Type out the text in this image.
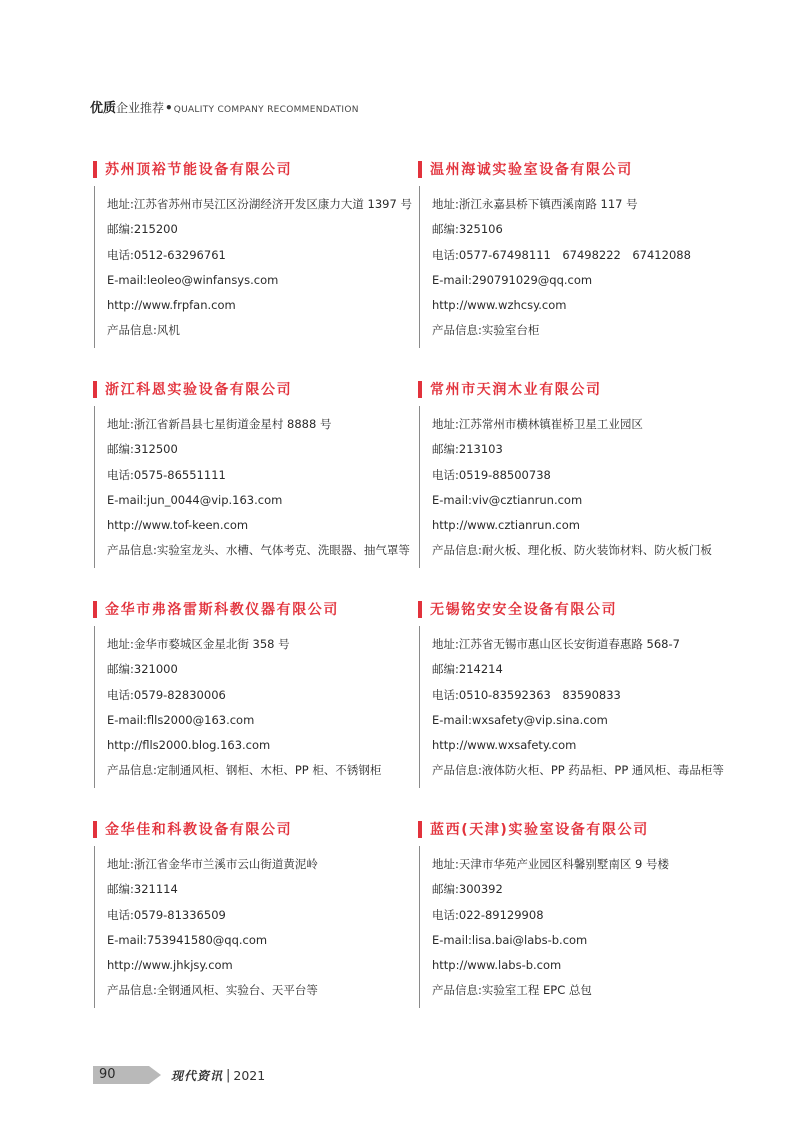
优质企业推荐•QUALITY COMPANY RECOMMENDATION
苏州顶裕节能设备有限公司
地址:江苏省苏州市吴江区汾湖经济开发区康力大道 1397 号
邮编:215200
电话:0512-63296761
E-mail:leoleo@winfansys.com
http://www.frpfan.com
产品信息:风机
温州海诚实验室设备有限公司
地址:浙江永嘉县桥下镇西溪南路 117 号
邮编:325106
电话:0577-67498111　67498222　67412088
E-mail:290791029@qq.com
http://www.wzhcsy.com
产品信息:实验室台柜
浙江科恩实验设备有限公司
地址:浙江省新昌县七星街道金星村 8888 号
邮编:312500
电话:0575-86551111
E-mail:jun_0044@vip.163.com
http://www.tof-keen.com
产品信息:实验室龙头、水槽、气体考克、洗眼器、抽气罩等
常州市天润木业有限公司
地址:江苏常州市横林镇崔桥卫星工业园区
邮编:213103
电话:0519-88500738
E-mail:viv@cztianrun.com
http://www.cztianrun.com
产品信息:耐火板、理化板、防火装饰材料、防火板门板
金华市弗洛雷斯科教仪器有限公司
地址:金华市婺城区金星北街 358 号
邮编:321000
电话:0579-82830006
E-mail:flls2000@163.com
http://flls2000.blog.163.com
产品信息:定制通风柜、钢柜、木柜、PP 柜、不锈钢柜
无锡铭安安全设备有限公司
地址:江苏省无锡市惠山区长安街道春惠路 568-7
邮编:214214
电话:0510-83592363　83590833
E-mail:wxsafety@vip.sina.com
http://www.wxsafety.com
产品信息:液体防火柜、PP 药品柜、PP 通风柜、毒品柜等
金华佳和科教设备有限公司
地址:浙江省金华市兰溪市云山街道黄泥岭
邮编:321114
电话:0579-81336509
E-mail:753941580@qq.com
http://www.jhkjsy.com
产品信息:全钢通风柜、实验台、天平台等
蓝西(天津)实验室设备有限公司
地址:天津市华苑产业园区科馨别墅南区 9 号楼
邮编:300392
电话:022-89129908
E-mail:lisa.bai@labs-b.com
http://www.labs-b.com
产品信息:实验室工程 EPC 总包
90	现代资讯 | 2021
